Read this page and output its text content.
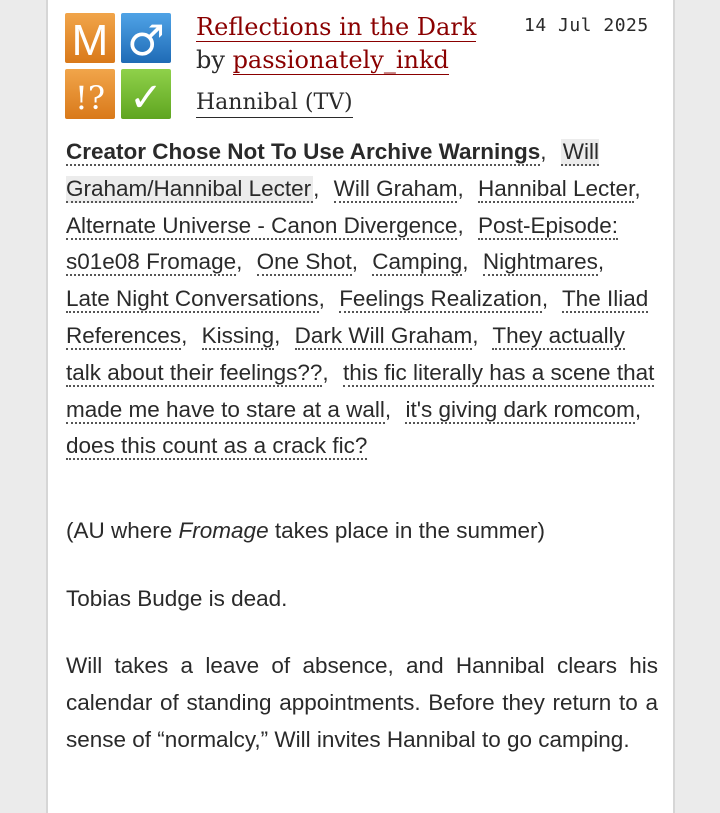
M ♂
!? ✓
Reflections in the Dark
by passionately_inkd
14 Jul 2025
Hannibal (TV)
Creator Chose Not To Use Archive Warnings, Will Graham/Hannibal Lecter, Will Graham, Hannibal Lecter, Alternate Universe - Canon Divergence, Post-Episode: s01e08 Fromage, One Shot, Camping, Nightmares, Late Night Conversations, Feelings Realization, The Iliad References, Kissing, Dark Will Graham, They actually talk about their feelings??, this fic literally has a scene that made me have to stare at a wall, it's giving dark romcom, does this count as a crack fic?

(AU where Fromage takes place in the summer)

Tobias Budge is dead.

Will takes a leave of absence, and Hannibal clears his calendar of standing appointments. Before they return to a sense of “normalcy,” Will invites Hannibal to go camping.
